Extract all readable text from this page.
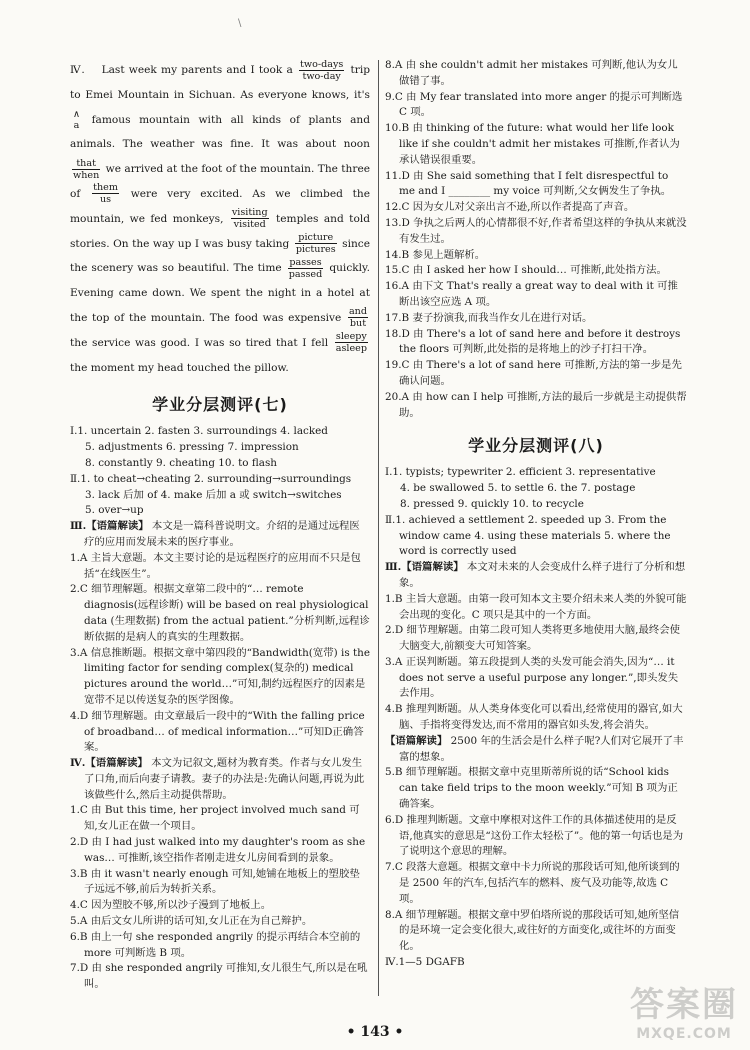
\

Ⅳ. Last week my parents and I took a $\frac{\text{two-days}}{\text{two-day}}$ trip to Emei Mountain in Sichuan. As everyone knows, it's
∧
a famous mountain with all kinds of plants and animals. The weather was fine. It was about noon
$\frac{\text{that}}{\text{when}}$ we arrived at the foot of the mountain. The three of $\frac{\text{them}}{us}$ were very excited. As we climbed the mountain, we fed monkeys, $\frac{\text{visiting}}{\text{visited}}$ temples and told stories. On the way up I was busy taking $\frac{\text{picture}}{\text{pictures}}$ since the scenery was so beautiful. The time $\frac{\text{passes}}{\text{passed}}$ quickly. Evening came down. We spent the night in a hotel at the top of the mountain. The food was expensive $\frac{\text{and}}{\text{but}}$
the service was good. I was so tired that I fell $\frac{\text{sleepy}}{\text{asleep}}$
the moment my head touched the pillow.

学业分层测评(七)

Ⅰ.1. uncertain 2. fasten 3. surroundings 4. lacked

5. adjustments 6. pressing 7. impression

8. constantly 9. cheating 10. to flash

Ⅱ.1. to cheat→cheating 2. surrounding→surroundings

3. lack 后加 of 4. make 后加 a 或 switch→switches

5. over→up

Ⅲ.【语篇解读】 本文是一篇科普说明文。介绍的是通过远程医疗的应用而发展未来的医疗事业。

1.A 主旨大意题。本文主要讨论的是远程医疗的应用而不只是包括“在线医生”。

2.C 细节理解题。根据文章第二段中的“… remote diagnosis(远程诊断) will be based on real physiological data (生理数据) from the actual patient.”分析判断,远程诊断依据的是病人的真实的生理数据。

3.A 信息推断题。根据文章中第四段的“Bandwidth(宽带) is the limiting factor for sending complex(复杂的) medical pictures around the world…”可知,制约远程医疗的因素是宽带不足以传送复杂的医学图像。

4.D 细节理解题。由文章最后一段中的“With the falling price of broadband… of medical information…”可知D正确答案。

Ⅳ.【语篇解读】 本文为记叙文,题材为教育类。作者与女儿发生了口角,而后向妻子请教。妻子的办法是:先确认问题,再说为此该做些什么,然后主动提供帮助。

1.C 由 But this time, her project involved much sand 可知,女儿正在做一个项目。

2.D 由 I had just walked into my daughter's room as she was… 可推断,该空指作者刚走进女儿房间看到的景象。

3.B 由 it wasn't nearly enough 可知,她铺在地板上的塑胶垫子远远不够,前后为转折关系。

4.C 因为塑胶不够,所以沙子漫到了地板上。

5.A 由后文女儿所讲的话可知,女儿正在为自己辩护。

6.B 由上一句 she responded angrily 的提示再结合本空前的 more 可判断选 B 项。

7.D 由 she responded angrily 可推知,女儿很生气,所以是在吼叫。

8.A 由 she couldn't admit her mistakes 可判断,他认为女儿做错了事。

9.C 由 My fear translated into more anger 的提示可判断选 C 项。

10.B 由 thinking of the future: what would her life look like if she couldn't admit her mistakes 可推断,作者认为承认错误很重要。

11.D 由 She said something that I felt disrespectful to me and I ________ my voice 可判断,父女俩发生了争执。

12.C 因为女儿对父亲出言不逊,所以作者提高了声音。

13.D 争执之后两人的心情都很不好,作者希望这样的争执从来就没有发生过。

14.B 参见上题解析。

15.C 由 I asked her how I should… 可推断,此处指方法。

16.A 由下文 That's really a great way to deal with it 可推断出该空应选 A 项。

17.B 妻子扮演我,而我当作女儿在进行对话。

18.D 由 There's a lot of sand here and before it destroys the floors 可判断,此处指的是将地上的沙子打扫干净。

19.C 由 There's a lot of sand here 可推断,方法的第一步是先确认问题。

20.A 由 how can I help 可推断,方法的最后一步就是主动提供帮助。

学业分层测评(八)

Ⅰ.1. typists; typewriter 2. efficient 3. representative

4. be swallowed 5. to settle 6. the 7. postage

8. pressed 9. quickly 10. to recycle

Ⅱ.1. achieved a settlement 2. speeded up 3. From the window came 4. using these materials 5. where the word is correctly used

Ⅲ.【语篇解读】 本文对未来的人会变成什么样子进行了分析和想象。

1.B 主旨大意题。由第一段可知本文主要介绍未来人类的外貌可能会出现的变化。C 项只是其中的一个方面。

2.D 细节理解题。由第二段可知人类将更多地使用大脑,最终会使大脑变大,前额变大可知答案。

3.A 正误判断题。第五段提到人类的头发可能会消失,因为“… it does not serve a useful purpose any longer.”,即头发失去作用。

4.B 推理判断题。从人类身体变化可以看出,经常使用的器官,如大脑、手指将变得发达,而不常用的器官如头发,将会消失。

【语篇解读】 2500 年的生活会是什么样子呢?人们对它展开了丰富的想象。

5.B 细节理解题。根据文章中克里斯蒂所说的话“School kids can take field trips to the moon weekly.”可知 B 项为正确答案。

6.D 推理判断题。文章中摩根对这件工作的具体描述使用的是反语,他真实的意思是“这份工作太轻松了”。他的第一句话也是为了说明这个意思的理解。

7.C 段落大意题。根据文章中卡力所说的那段话可知,他所谈到的是 2500 年的汽车,包括汽车的燃料、废气及功能等,故选 C 项。

8.A 细节理解题。根据文章中罗伯塔所说的那段话可知,她所坚信的是环境一定会变化很大,或往好的方面变化,或往坏的方面变化。

Ⅳ.1—5 DGAFB

• 143 •
答案圈
MXQE.COM
